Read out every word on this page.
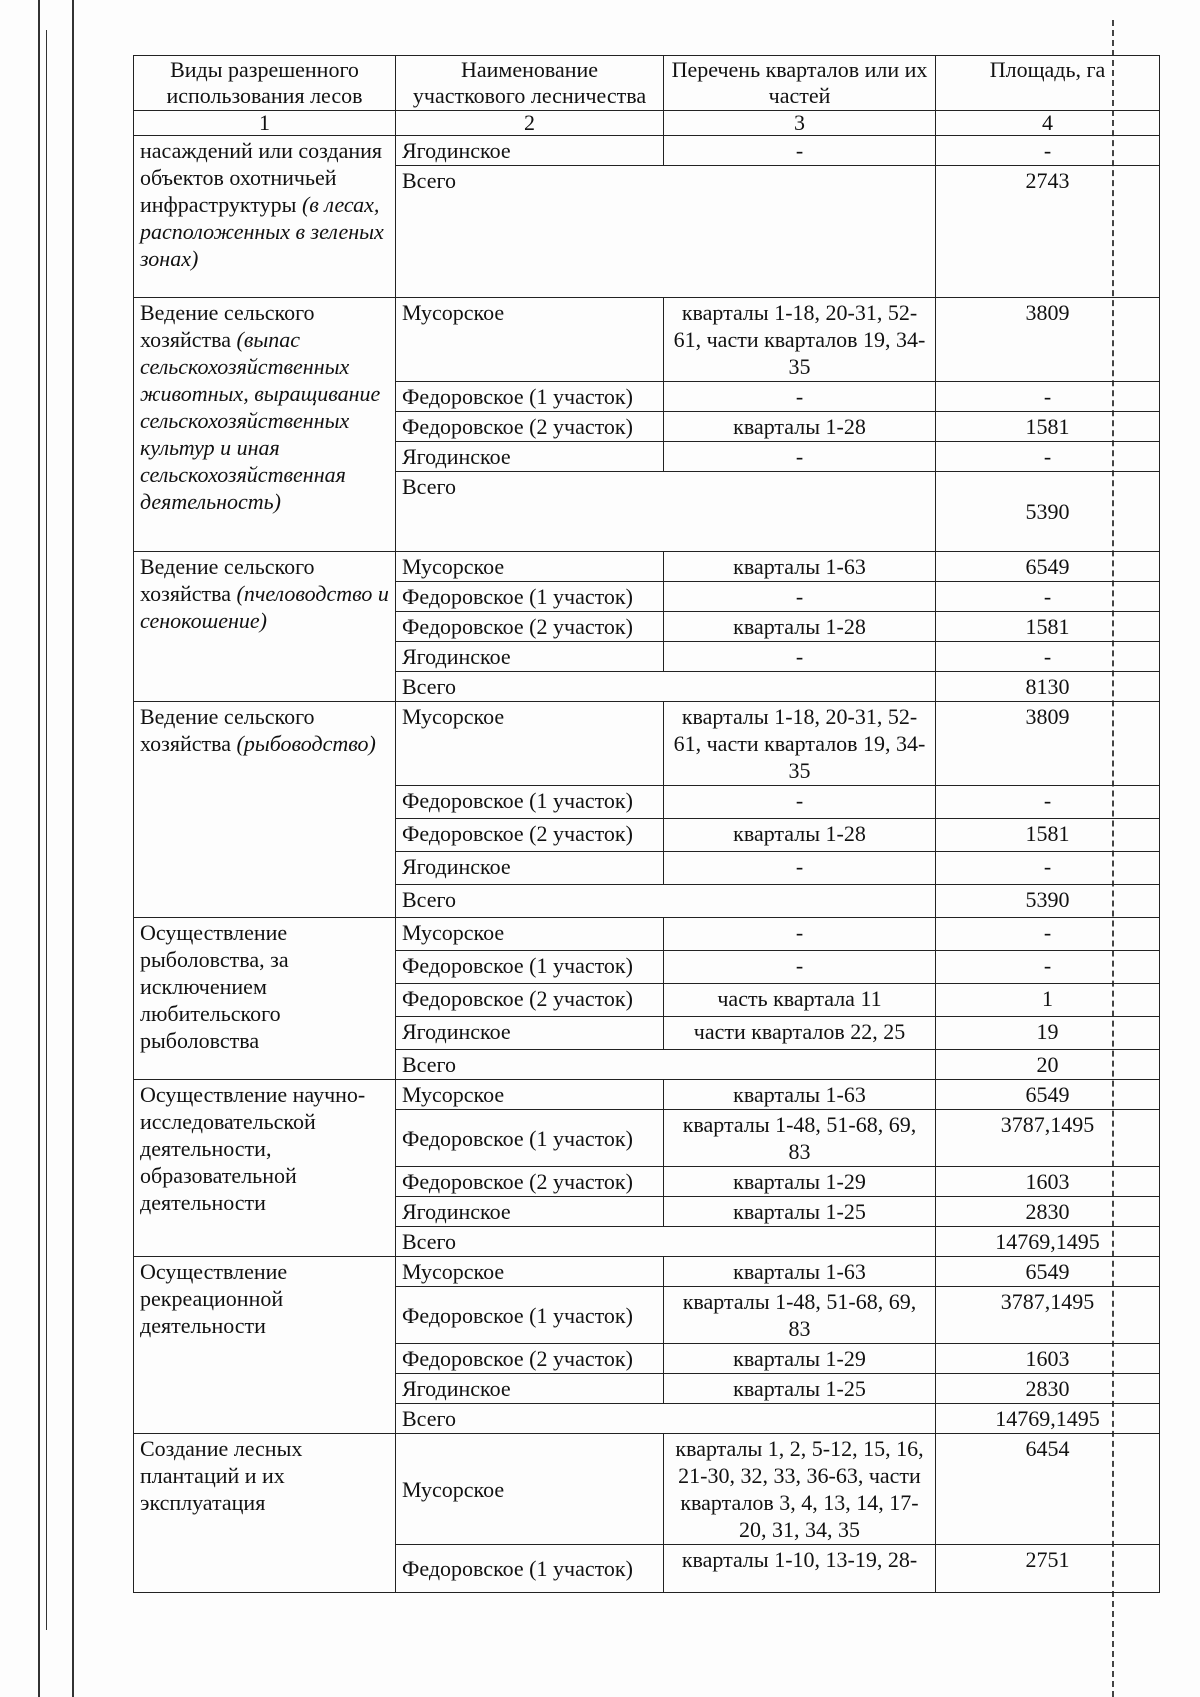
Виды разрешенного использования лесов	Наименование участкового лесничества	Перечень кварталов или их частей	Площадь, га
1	2	3	4
насаждений или создания объектов охотничьей инфраструктуры (в лесах, расположенных в зеленых зонах)	Ягодинское	-	-
	Всего		2743
Ведение сельского хозяйства (выпас сельскохозяйственных животных, выращивание сельскохозяйственных культур и иная сельскохозяйственная деятельность)	Мусорское	кварталы 1-18, 20-31, 52-61, части кварталов 19, 34-35	3809
	Федоровское (1 участок)	-	-
	Федоровское (2 участок)	кварталы 1-28	1581
	Ягодинское	-	-
	Всего		5390
Ведение сельского хозяйства (пчеловодство и сенокошение)	Мусорское	кварталы 1-63	6549
	Федоровское (1 участок)	-	-
	Федоровское (2 участок)	кварталы 1-28	1581
	Ягодинское	-	-
	Всего		8130
Ведение сельского хозяйства (рыбоводство)	Мусорское	кварталы 1-18, 20-31, 52-61, части кварталов 19, 34-35	3809
	Федоровское (1 участок)	-	-
	Федоровское (2 участок)	кварталы 1-28	1581
	Ягодинское	-	-
	Всего		5390
Осуществление рыболовства, за исключением любительского рыболовства	Мусорское	-	-
	Федоровское (1 участок)	-	-
	Федоровское (2 участок)	часть квартала 11	1
	Ягодинское	части кварталов 22, 25	19
	Всего		20
Осуществление научно-исследовательской деятельности, образовательной деятельности	Мусорское	кварталы 1-63	6549
	Федоровское (1 участок)	кварталы 1-48, 51-68, 69, 83	3787,1495
	Федоровское (2 участок)	кварталы 1-29	1603
	Ягодинское	кварталы 1-25	2830
	Всего		14769,1495
Осуществление рекреационной деятельности	Мусорское	кварталы 1-63	6549
	Федоровское (1 участок)	кварталы 1-48, 51-68, 69, 83	3787,1495
	Федоровское (2 участок)	кварталы 1-29	1603
	Ягодинское	кварталы 1-25	2830
	Всего		14769,1495
Создание лесных плантаций и их эксплуатация	Мусорское	кварталы 1, 2, 5-12, 15, 16, 21-30, 32, 33, 36-63, части кварталов 3, 4, 13, 14, 17-20, 31, 34, 35	6454
	Федоровское (1 участок)	кварталы 1-10, 13-19, 28-	2751
